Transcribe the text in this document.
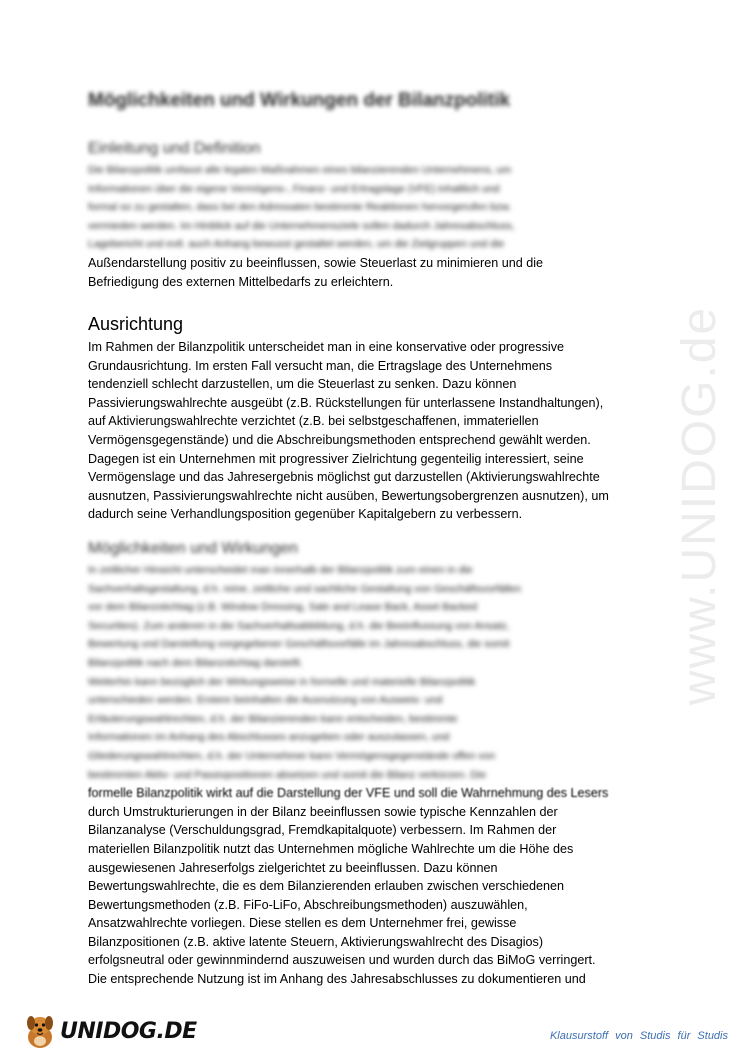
www.UNIDOG.de
Möglichkeiten und Wirkungen der Bilanzpolitik
Einleitung und Definition

Die Bilanzpolitik umfasst alle legalen Maßnahmen eines bilanzierenden Unternehmens, um

Informationen über die eigene Vermögens-, Finanz- und Ertragslage (VFE) inhaltlich und

formal so zu gestalten, dass bei den Adressaten bestimmte Reaktionen hervorgerufen bzw.

vermieden werden. Im Hinblick auf die Unternehmensziele sollen dadurch Jahresabschluss,

Lagebericht und evtl. auch Anhang bewusst gestaltet werden, um die Zielgruppen und die

Außendarstellung positiv zu beeinflussen, sowie Steuerlast zu minimieren und die

Befriedigung des externen Mittelbedarfs zu erleichtern.

Ausrichtung

Im Rahmen der Bilanzpolitik unterscheidet man in eine konservative oder progressive

Grundausrichtung. Im ersten Fall versucht man, die Ertragslage des Unternehmens

tendenziell schlecht darzustellen, um die Steuerlast zu senken. Dazu können

Passivierungswahlrechte ausgeübt (z.B. Rückstellungen für unterlassene Instandhaltungen),

auf Aktivierungswahlrechte verzichtet (z.B. bei selbstgeschaffenen, immateriellen

Vermögensgegenstände) und die Abschreibungsmethoden entsprechend gewählt werden.

Dagegen ist ein Unternehmen mit progressiver Zielrichtung gegenteilig interessiert, seine

Vermögenslage und das Jahresergebnis möglichst gut darzustellen (Aktivierungswahlrechte

ausnutzen, Passivierungswahlrechte nicht ausüben, Bewertungsobergrenzen ausnutzen), um

dadurch seine Verhandlungsposition gegenüber Kapitalgebern zu verbessern.

Möglichkeiten und Wirkungen

In zeitlicher Hinsicht unterscheidet man innerhalb der Bilanzpolitik zum einen in die

Sachverhaltsgestaltung, d.h. reine, zeitliche und sachliche Gestaltung von Geschäftsvorfällen

vor dem Bilanzstichtag (z.B. Window Dressing, Sale and Lease Back, Asset Backed

Securities). Zum anderen in die Sachverhaltsabbildung, d.h. die Beeinflussung von Ansatz,

Bewertung und Darstellung vorgegebener Geschäftsvorfälle im Jahresabschluss, die somit

Bilanzpolitik nach dem Bilanzstichtag darstellt.

Weiterhin kann bezüglich der Wirkungsweise in formelle und materielle Bilanzpolitik

unterschieden werden. Erstere beinhalten die Ausnutzung von Ausweis- und

Erläuterungswahlrechten, d.h. der Bilanzierenden kann entscheiden, bestimmte

Informationen im Anhang des Abschlusses anzugeben oder auszulassen, und

Gliederungswahlrechten, d.h. der Unternehmer kann Vermögensgegenstände offen von

bestimmten Aktiv- und Passivpositionen absetzen und somit die Bilanz verkürzen. Die

formelle Bilanzpolitik wirkt auf die Darstellung der VFE und soll die Wahrnehmung des Lesers

durch Umstrukturierungen in der Bilanz beeinflussen sowie typische Kennzahlen der

Bilanzanalyse (Verschuldungsgrad, Fremdkapitalquote) verbessern. Im Rahmen der

materiellen Bilanzpolitik nutzt das Unternehmen mögliche Wahlrechte um die Höhe des

ausgewiesenen Jahreserfolgs zielgerichtet zu beeinflussen. Dazu können

Bewertungswahlrechte, die es dem Bilanzierenden erlauben zwischen verschiedenen

Bewertungsmethoden (z.B. FiFo-LiFo, Abschreibungsmethoden) auszuwählen,

Ansatzwahlrechte vorliegen. Diese stellen es dem Unternehmer frei, gewisse

Bilanzpositionen (z.B. aktive latente Steuern, Aktivierungswahlrecht des Disagios)

erfolgsneutral oder gewinnmindernd auszuweisen und wurden durch das BiMoG verringert.

Die entsprechende Nutzung ist im Anhang des Jahresabschlusses zu dokumentieren und

UNIDOG.DE	Klausurstoff von Studis für Studis
